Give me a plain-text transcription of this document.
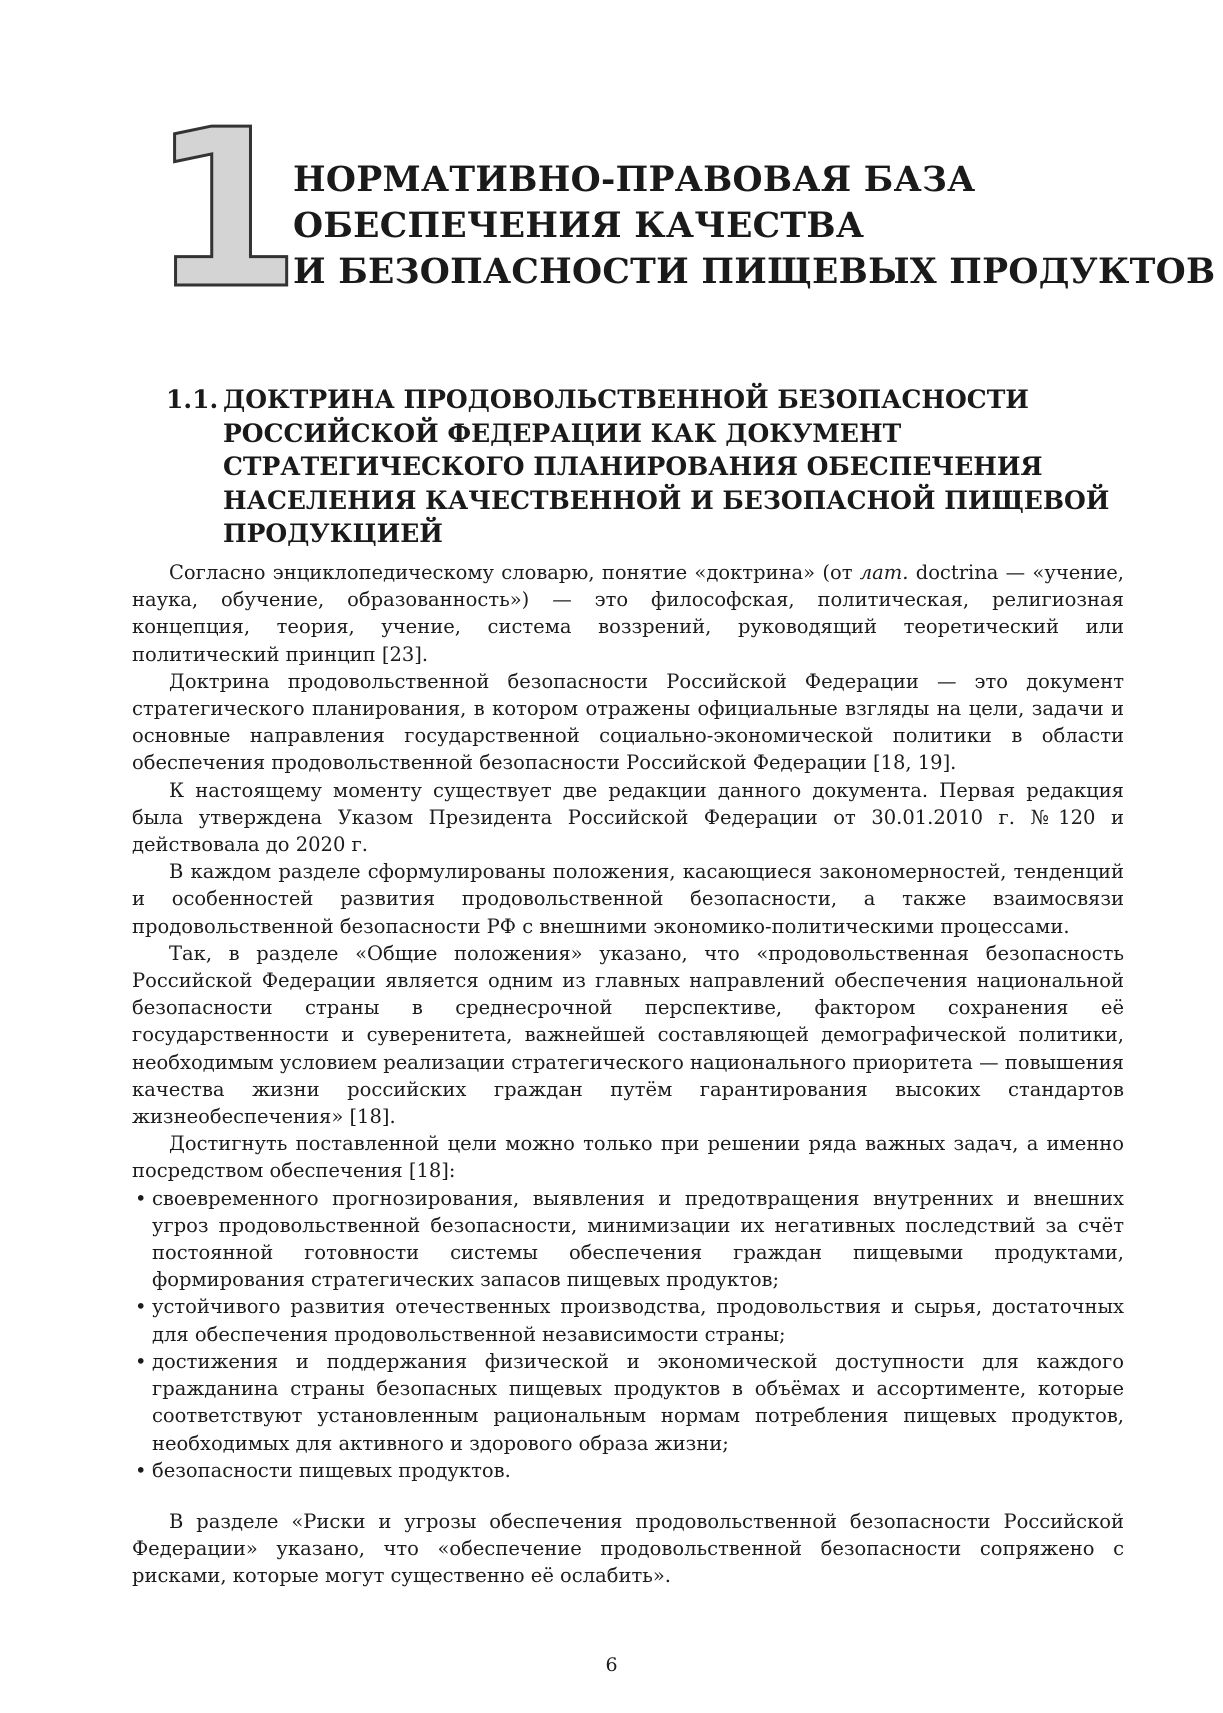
1
НОРМАТИВНО-ПРАВОВАЯ БАЗА
ОБЕСПЕЧЕНИЯ КАЧЕСТВА
И БЕЗОПАСНОСТИ ПИЩЕВЫХ ПРОДУКТОВ
1.1. ДОКТРИНА ПРОДОВОЛЬСТВЕННОЙ БЕЗОПАСНОСТИ
РОССИЙСКОЙ ФЕДЕРАЦИИ КАК ДОКУМЕНТ
СТРАТЕГИЧЕСКОГО ПЛАНИРОВАНИЯ ОБЕСПЕЧЕНИЯ
НАСЕЛЕНИЯ КАЧЕСТВЕННОЙ И БЕЗОПАСНОЙ ПИЩЕВОЙ
ПРОДУКЦИЕЙ

Согласно энциклопедическому словарю, понятие «доктрина» (от лат. doctrina — «учение, наука, обучение, образованность») — это философская, политическая, религиозная концепция, теория, учение, система воззрений, руководящий теоретический или политический принцип [23].

Доктрина продовольственной безопасности Российской Федерации — это документ стратегического планирования, в котором отражены официальные взгляды на цели, задачи и основные направления государственной социально-экономической политики в области обеспечения продовольственной безопасности Российской Федерации [18, 19].

К настоящему моменту существует две редакции данного документа. Первая редакция была утверждена Указом Президента Российской Федерации от 30.01.2010 г. №120 и действовала до 2020 г.

В каждом разделе сформулированы положения, касающиеся закономерностей, тенденций и особенностей развития продовольственной безопасности, а также взаимосвязи продовольственной безопасности РФ с внешними экономико-политическими процессами.

Так, в разделе «Общие положения» указано, что «продовольственная безопасность Российской Федерации является одним из главных направлений обеспечения национальной безопасности страны в среднесрочной перспективе, фактором сохранения её государственности и суверенитета, важнейшей составляющей демографической политики, необходимым условием реализации стратегического национального приоритета — повышения качества жизни российских граждан путём гарантирования высоких стандартов жизнеобеспечения» [18].

Достигнуть поставленной цели можно только при решении ряда важных задач, а именно посредством обеспечения [18]:

• своевременного прогнозирования, выявления и предотвращения внутренних и внешних угроз продовольственной безопасности, минимизации их негативных последствий за счёт постоянной готовности системы обеспечения граждан пищевыми продуктами, формирования стратегических запасов пищевых продуктов;
• устойчивого развития отечественных производства, продовольствия и сырья, достаточных для обеспечения продовольственной независимости страны;
• достижения и поддержания физической и экономической доступности для каждого гражданина страны безопасных пищевых продуктов в объёмах и ассортименте, которые соответствуют установленным рациональным нормам потребления пищевых продуктов, необходимых для активного и здорового образа жизни;
• безопасности пищевых продуктов.

В разделе «Риски и угрозы обеспечения продовольственной безопасности Российской Федерации» указано, что «обеспечение продовольственной безопасности сопряжено с рисками, которые могут существенно её ослабить».

6
